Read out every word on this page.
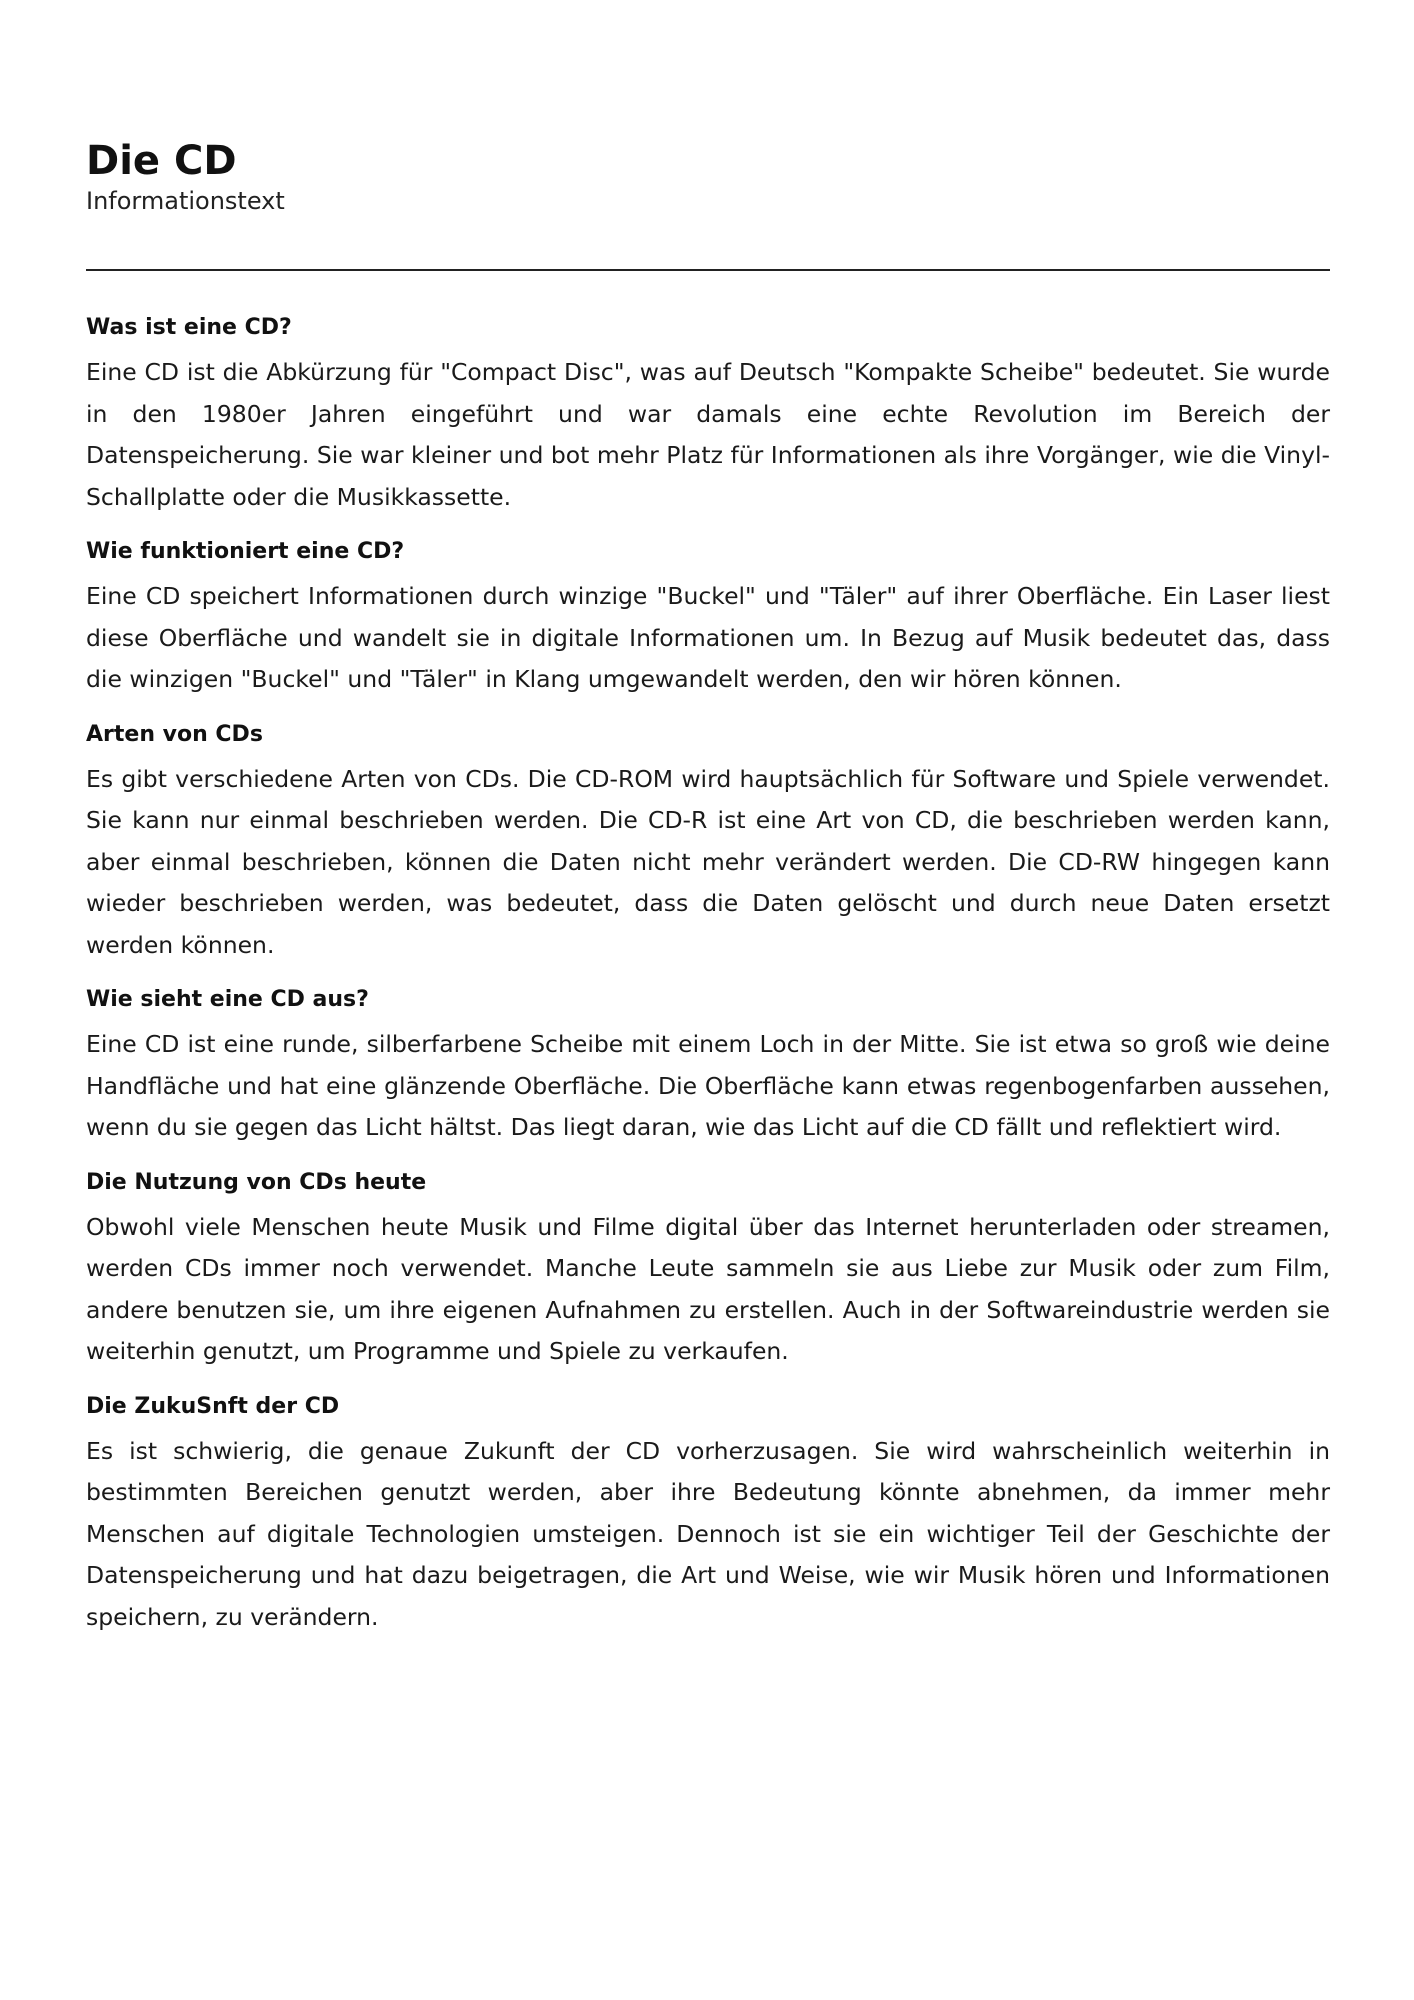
Die CD

Informationstext

Was ist eine CD?

Eine CD ist die Abkürzung für "Compact Disc", was auf Deutsch "Kompakte Scheibe" bedeutet. Sie wurde in den 1980er Jahren eingeführt und war damals eine echte Revolution im Bereich der Datenspeicherung. Sie war kleiner und bot mehr Platz für Informationen als ihre Vorgänger, wie die Vinyl-Schallplatte oder die Musikkassette.

Wie funktioniert eine CD?

Eine CD speichert Informationen durch winzige "Buckel" und "Täler" auf ihrer Oberfläche. Ein Laser liest diese Oberfläche und wandelt sie in digitale Informationen um. In Bezug auf Musik bedeutet das, dass die winzigen "Buckel" und "Täler" in Klang umgewandelt werden, den wir hören können.

Arten von CDs

Es gibt verschiedene Arten von CDs. Die CD-ROM wird hauptsächlich für Software und Spiele verwendet. Sie kann nur einmal beschrieben werden. Die CD-R ist eine Art von CD, die beschrieben werden kann, aber einmal beschrieben, können die Daten nicht mehr verändert werden. Die CD-RW hingegen kann wieder beschrieben werden, was bedeutet, dass die Daten gelöscht und durch neue Daten ersetzt werden können.

Wie sieht eine CD aus?

Eine CD ist eine runde, silberfarbene Scheibe mit einem Loch in der Mitte. Sie ist etwa so groß wie deine Handfläche und hat eine glänzende Oberfläche. Die Oberfläche kann etwas regenbogenfarben aussehen, wenn du sie gegen das Licht hältst. Das liegt daran, wie das Licht auf die CD fällt und reflektiert wird.

Die Nutzung von CDs heute

Obwohl viele Menschen heute Musik und Filme digital über das Internet herunterladen oder streamen, werden CDs immer noch verwendet. Manche Leute sammeln sie aus Liebe zur Musik oder zum Film, andere benutzen sie, um ihre eigenen Aufnahmen zu erstellen. Auch in der Softwareindustrie werden sie weiterhin genutzt, um Programme und Spiele zu verkaufen.

Die ZukuSnft der CD

Es ist schwierig, die genaue Zukunft der CD vorherzusagen. Sie wird wahrscheinlich weiterhin in bestimmten Bereichen genutzt werden, aber ihre Bedeutung könnte abnehmen, da immer mehr Menschen auf digitale Technologien umsteigen. Dennoch ist sie ein wichtiger Teil der Geschichte der Datenspeicherung und hat dazu beigetragen, die Art und Weise, wie wir Musik hören und Informationen speichern, zu verändern.
